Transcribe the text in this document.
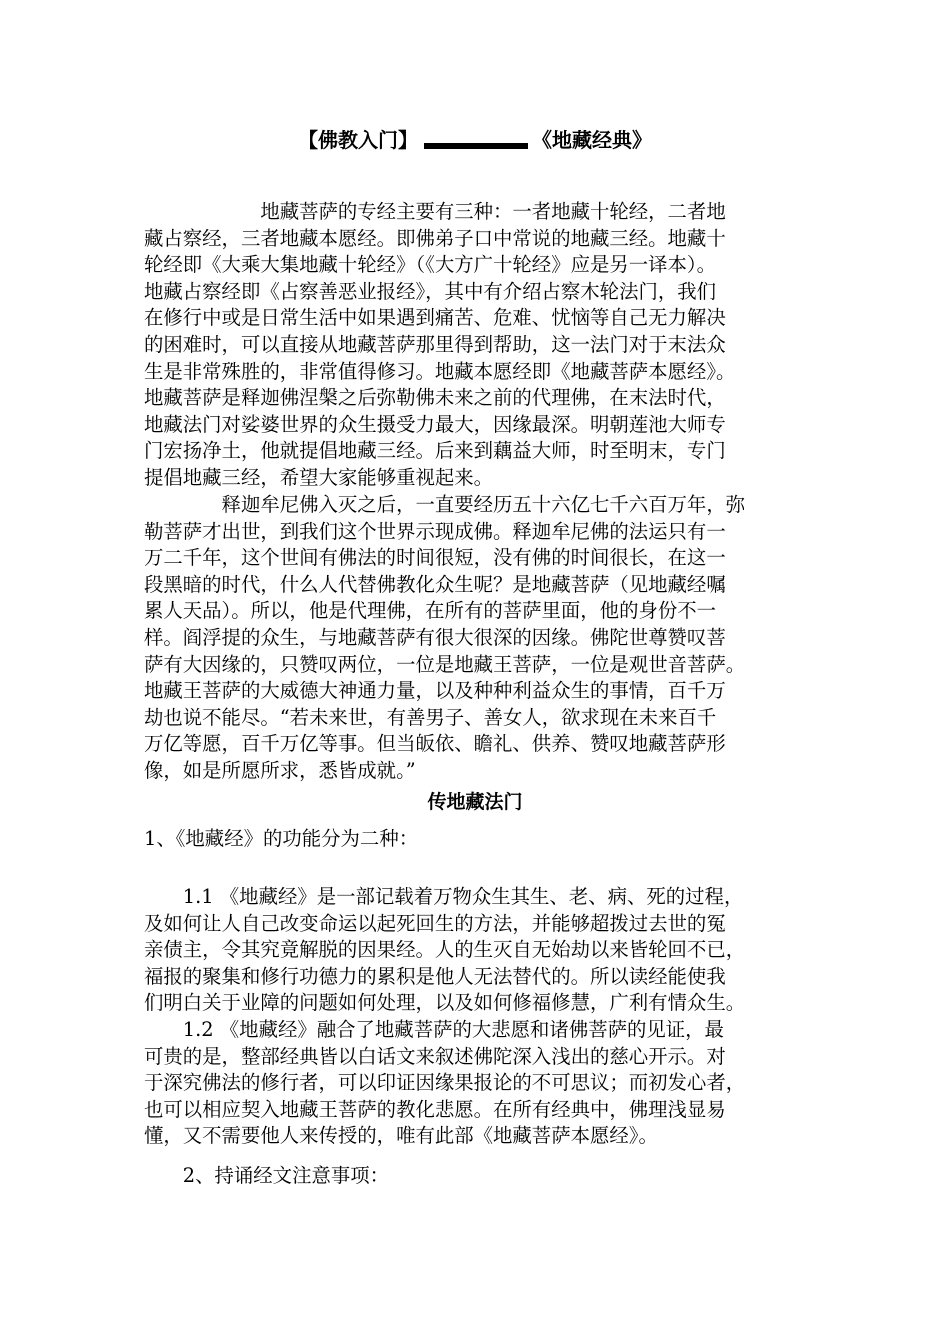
【佛教入门】	《地藏经典》
　　　　　　地藏菩萨的专经主要有三种：一者地藏十轮经，二者地
藏占察经，三者地藏本愿经。即佛弟子口中常说的地藏三经。地藏十
轮经即《大乘大集地藏十轮经》（《大方广十轮经》应是另一译本）。
地藏占察经即《占察善恶业报经》，其中有介绍占察木轮法门，我们
在修行中或是日常生活中如果遇到痛苦、危难、忧恼等自己无力解决
的困难时，可以直接从地藏菩萨那里得到帮助，这一法门对于末法众
生是非常殊胜的，非常值得修习。地藏本愿经即《地藏菩萨本愿经》。
地藏菩萨是释迦佛涅槃之后弥勒佛未来之前的代理佛，在末法时代，
地藏法门对娑婆世界的众生摄受力最大，因缘最深。明朝莲池大师专
门宏扬净土，他就提倡地藏三经。后来到藕益大师，时至明末，专门
提倡地藏三经，希望大家能够重视起来。
　　　　释迦牟尼佛入灭之后，一直要经历五十六亿七千六百万年，弥
勒菩萨才出世，到我们这个世界示现成佛。释迦牟尼佛的法运只有一
万二千年，这个世间有佛法的时间很短，没有佛的时间很长，在这一
段黑暗的时代，什么人代替佛教化众生呢？是地藏菩萨（见地藏经嘱
累人天品）。所以，他是代理佛，在所有的菩萨里面，他的身份不一
样。阎浮提的众生，与地藏菩萨有很大很深的因缘。佛陀世尊赞叹菩
萨有大因缘的，只赞叹两位，一位是地藏王菩萨，一位是观世音菩萨。
地藏王菩萨的大威德大神通力量，以及种种利益众生的事情，百千万
劫也说不能尽。“若未来世，有善男子、善女人，欲求现在未来百千
万亿等愿，百千万亿等事。但当皈依、瞻礼、供养、赞叹地藏菩萨形
像，如是所愿所求，悉皆成就。”
传地藏法门
1、《地藏经》的功能分为二种：
　　1.1 《地藏经》是一部记载着万物众生其生、老、病、死的过程，
及如何让人自己改变命运以起死回生的方法，并能够超拨过去世的冤
亲债主，令其究竟解脱的因果经。人的生灭自无始劫以来皆轮回不已，
福报的聚集和修行功德力的累积是他人无法替代的。所以读经能使我
们明白关于业障的问题如何处理，以及如何修福修慧，广利有情众生。
　　1.2 《地藏经》融合了地藏菩萨的大悲愿和诸佛菩萨的见证，最
可贵的是，整部经典皆以白话文来叙述佛陀深入浅出的慈心开示。对
于深究佛法的修行者，可以印证因缘果报论的不可思议；而初发心者，
也可以相应契入地藏王菩萨的教化悲愿。在所有经典中，佛理浅显易
懂，又不需要他人来传授的，唯有此部《地藏菩萨本愿经》。
　　2、持诵经文注意事项：
